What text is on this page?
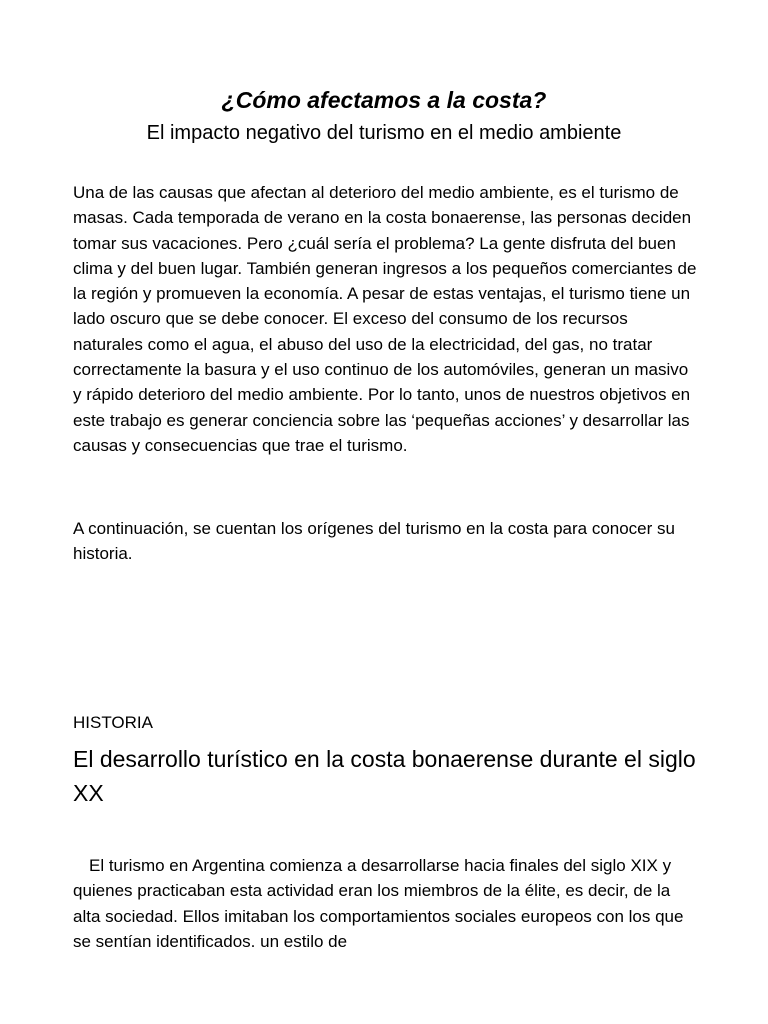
¿Cómo afectamos a la costa?
El impacto negativo del turismo en el medio ambiente

Una de las causas que afectan al deterioro del medio ambiente, es el turismo de masas. Cada temporada de verano en la costa bonaerense, las personas deciden tomar sus vacaciones. Pero ¿cuál sería el problema? La gente disfruta del buen clima y del buen lugar. También generan ingresos a los pequeños comerciantes de la región y promueven la economía. A pesar de estas ventajas, el turismo tiene un lado oscuro que se debe conocer. El exceso del consumo de los recursos naturales como el agua, el abuso del uso de la electricidad, del gas, no tratar correctamente la basura y el uso continuo de los automóviles, generan un masivo y rápido deterioro del medio ambiente. Por lo tanto, unos de nuestros objetivos en este trabajo es generar conciencia sobre las ‘pequeñas acciones’ y desarrollar las causas y consecuencias que trae el turismo.

A continuación, se cuentan los orígenes del turismo en la costa para conocer su historia.

HISTORIA
El desarrollo turístico en la costa bonaerense durante el siglo XX

El turismo en Argentina comienza a desarrollarse hacia finales del siglo XIX y quienes practicaban esta actividad eran los miembros de la élite, es decir, de la alta sociedad. Ellos imitaban los comportamientos sociales europeos con los que se sentían identificados. un estilo de
